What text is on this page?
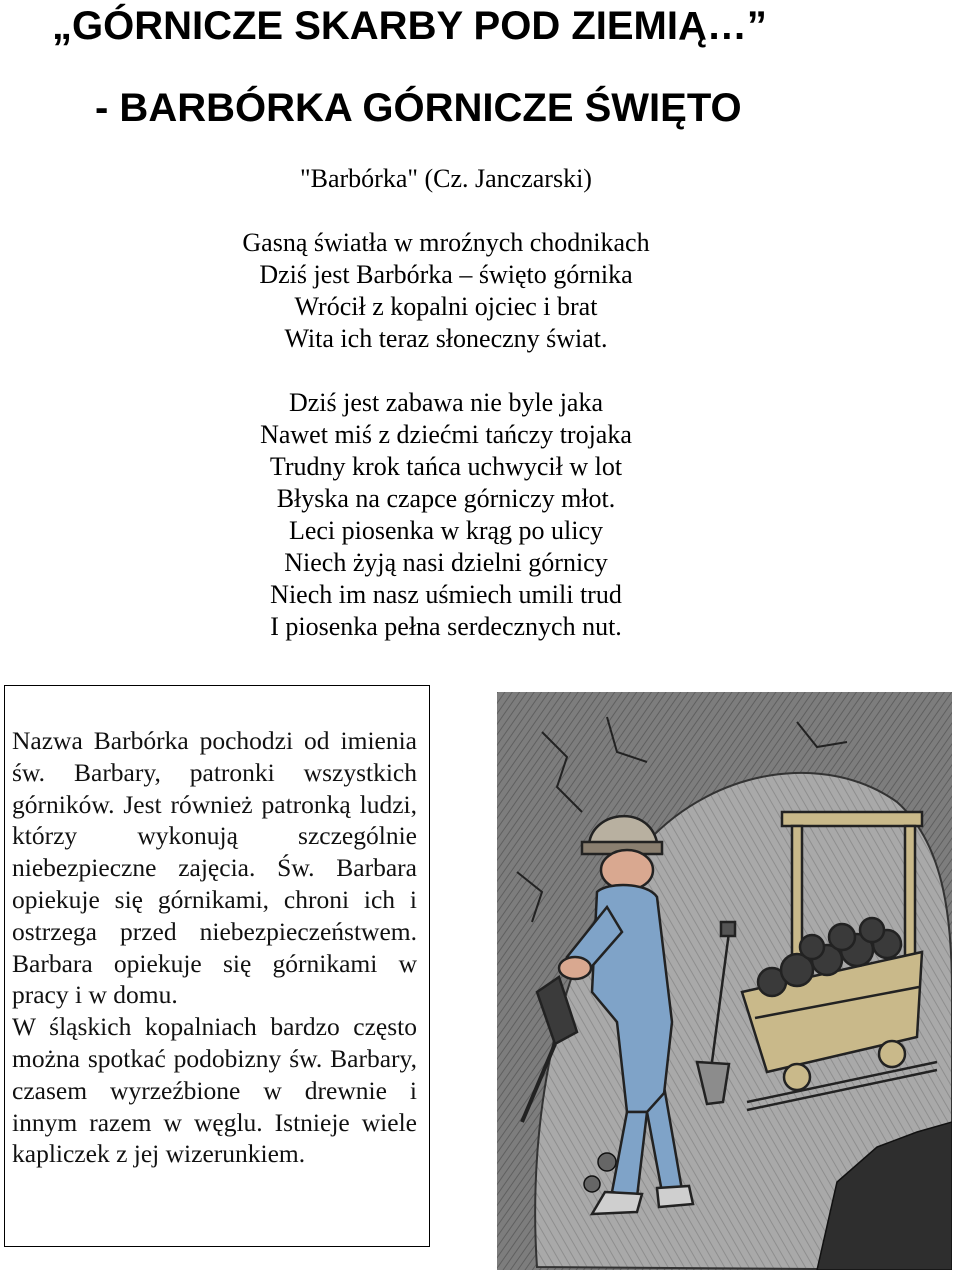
„GÓRNICZE SKARBY POD ZIEMIĄ…”
- BARBÓRKA GÓRNICZE ŚWIĘTO

"Barbórka" (Cz. Janczarski)

Gasną światła w mroźnych chodnikach
Dziś jest Barbórka – święto górnika
Wrócił z kopalni ojciec i brat
Wita ich teraz słoneczny świat.
Dziś jest zabawa nie byle jaka
Nawet miś z dziećmi tańczy trojaka
Trudny krok tańca uchwycił w lot
Błyska na czapce górniczy młot.
Leci piosenka w krąg po ulicy
Niech żyją nasi dzielni górnicy
Niech im nasz uśmiech umili trud
I piosenka pełna serdecznych nut.

Nazwa Barbórka pochodzi od imienia św. Barbary, patronki wszystkich górników. Jest również patronką ludzi, którzy wykonują szczególnie niebezpieczne zajęcia. Św. Barbara opiekuje się górnikami, chroni ich i ostrzega przed niebezpieczeństwem. Barbara opiekuje się górnikami w pracy i w domu.

W śląskich kopalniach bardzo często można spotkać podobizny św. Barbary, czasem wyrzeźbione w drewnie i innym razem w węglu. Istnieje wiele kapliczek z jej wizerunkiem.
